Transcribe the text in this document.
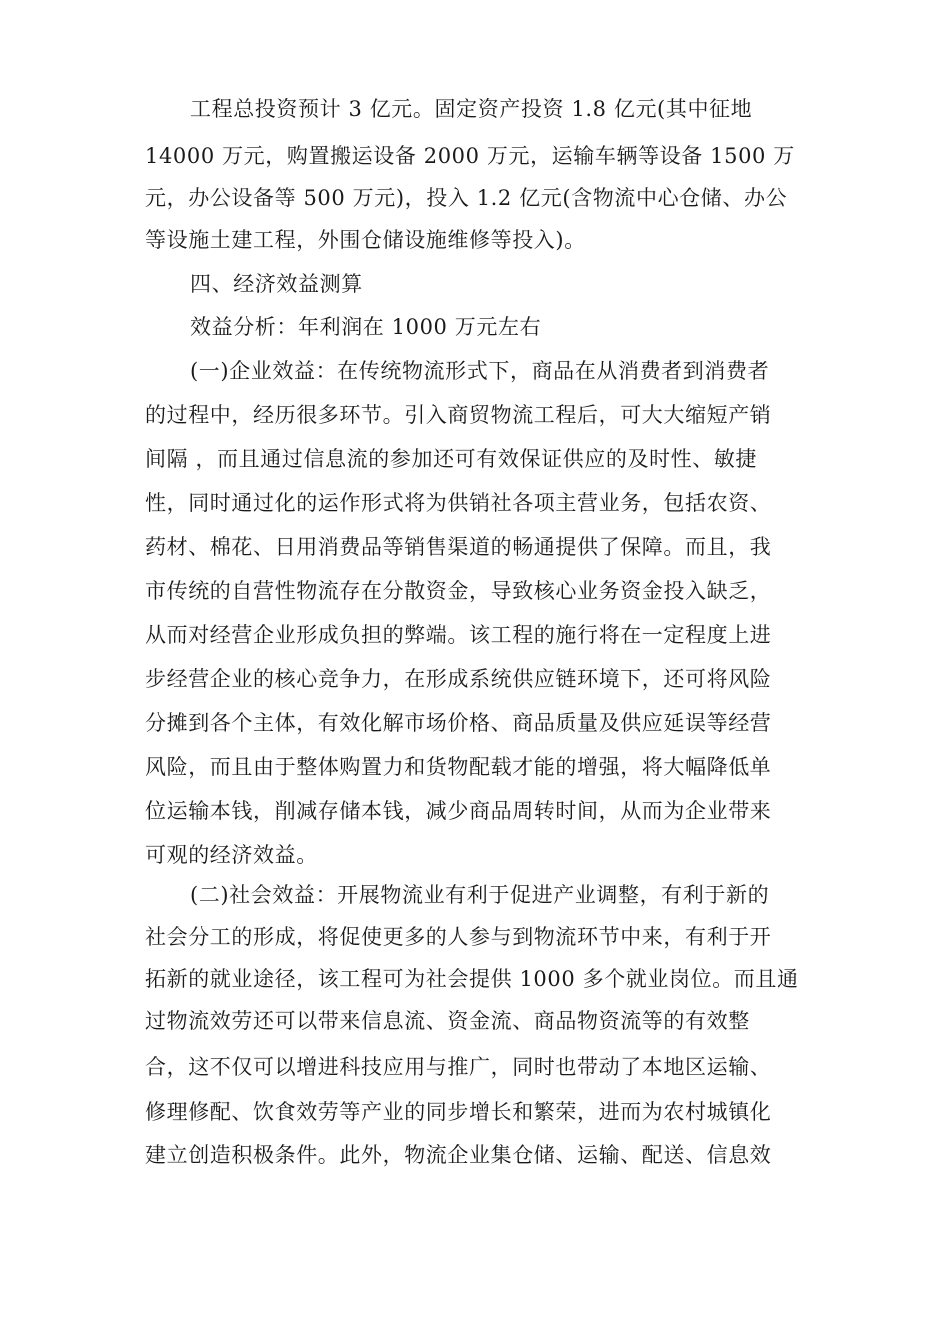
工程总投资预计 3 亿元。固定资产投资 1.8 亿元(其中征地
14000 万元，购置搬运设备 2000 万元，运输车辆等设备 1500 万
元，办公设备等 500 万元)，投入 1.2 亿元(含物流中心仓储、办公
等设施土建工程，外围仓储设施维修等投入)。
四、经济效益测算
效益分析：年利润在 1000 万元左右
(一)企业效益：在传统物流形式下，商品在从消费者到消费者
的过程中，经历很多环节。引入商贸物流工程后，可大大缩短产销
间隔 ，而且通过信息流的参加还可有效保证供应的及时性、敏捷
性，同时通过化的运作形式将为供销社各项主营业务，包括农资、
药材、棉花、日用消费品等销售渠道的畅通提供了保障。而且，我
市传统的自营性物流存在分散资金，导致核心业务资金投入缺乏，
从而对经营企业形成负担的弊端。该工程的施行将在一定程度上进
步经营企业的核心竞争力，在形成系统供应链环境下，还可将风险
分摊到各个主体，有效化解市场价格、商品质量及供应延误等经营
风险，而且由于整体购置力和货物配载才能的增强，将大幅降低单
位运输本钱，削减存储本钱，减少商品周转时间，从而为企业带来
可观的经济效益。
(二)社会效益：开展物流业有利于促进产业调整，有利于新的
社会分工的形成，将促使更多的人参与到物流环节中来，有利于开
拓新的就业途径，该工程可为社会提供 1000 多个就业岗位。而且通
过物流效劳还可以带来信息流、资金流、商品物资流等的有效整
合，这不仅可以增进科技应用与推广，同时也带动了本地区运输、
修理修配、饮食效劳等产业的同步增长和繁荣，进而为农村城镇化
建立创造积极条件。此外，物流企业集仓储、运输、配送、信息效
